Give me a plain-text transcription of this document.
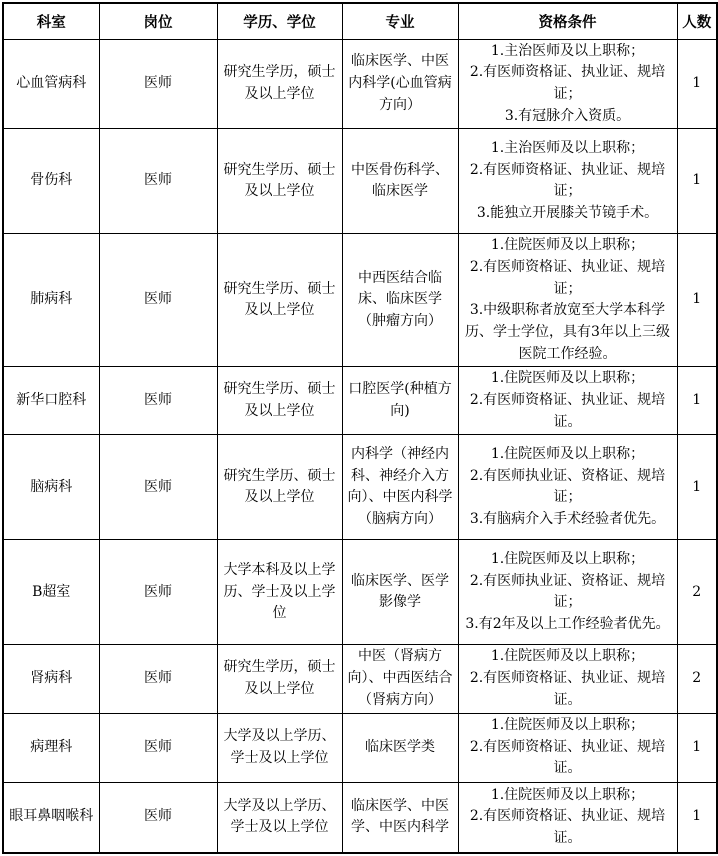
科室	岗位	学历、学位	专业	资格条件	人数
心血管病科	医师	研究生学历，硕士及以上学位	临床医学、中医内科学(心血管病方向）	1.主治医师及以上职称；
2.有医师资格证、执业证、规培证；
3.有冠脉介入资质。	1
骨伤科	医师	研究生学历、硕士及以上学位	中医骨伤科学、临床医学	1.主治医师及以上职称；
2.有医师资格证、执业证、规培证；
3.能独立开展膝关节镜手术。	1
肺病科	医师	研究生学历、硕士及以上学位	中西医结合临床、临床医学（肿瘤方向）	1.住院医师及以上职称；
2.有医师资格证、执业证、规培证；
3.中级职称者放宽至大学本科学历、学士学位，具有3年以上三级医院工作经验。	1
新华口腔科	医师	研究生学历、硕士及以上学位	口腔医学(种植方向)	1.住院医师及以上职称；
2.有医师资格证、执业证、规培证。	1
脑病科	医师	研究生学历、硕士及以上学位	内科学（神经内科、神经介入方向）、中医内科学（脑病方向）	1.住院医师及以上职称；
2.有医师执业证、资格证、规培证；
3.有脑病介入手术经验者优先。	1
B超室	医师	大学本科及以上学历、学士及以上学位	临床医学、医学影像学	1.住院医师及以上职称；
2.有医师执业证、资格证、规培证；
3.有2年及以上工作经验者优先。	2
肾病科	医师	研究生学历，硕士及以上学位	中医（肾病方向）、中西医结合（肾病方向）	1.住院医师及以上职称；
2.有医师资格证、执业证、规培证。	2
病理科	医师	大学及以上学历、学士及以上学位	临床医学类	1.住院医师及以上职称；
2.有医师资格证、执业证、规培证。	1
眼耳鼻咽喉科	医师	大学及以上学历、学士及以上学位	临床医学、中医学、中医内科学	1.住院医师及以上职称；
2.有医师资格证、执业证、规培证。	1
